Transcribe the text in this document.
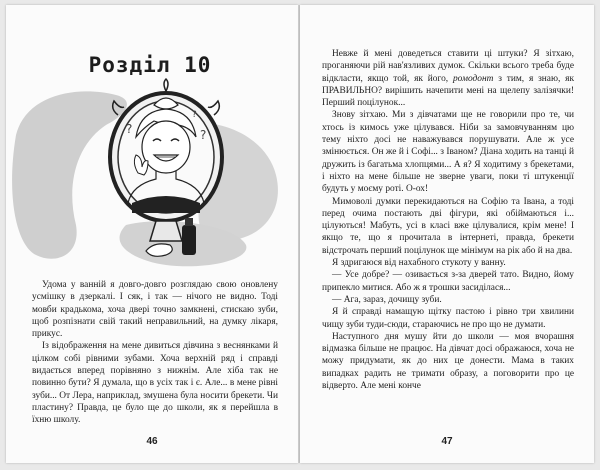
Розділ 10
?	?
?

Удома у ванній я довго-довго розглядаю свою оновлену усмішку в дзеркалі. І cяк, і так — нічого не видно. Тоді мовби крадькома, хоча двері точно замкнені, стискаю зуби, щоб розпізнати свій такий неправильний, на думку лікаря, прикус.

Із відображення на мене дивиться дівчина з веснянками й цілком собі рівними зубами. Хоча верхній ряд і справді видається вперед порівняно з нижнім. Але хіба так не повинно бути? Я думала, що в усіх так і є. Але... в мене рівні зуби... От Лера, наприклад, змушена була носити брекети. Чи пластину? Правда, це було ще до школи, як я перейшла в їхню школу.

46

Невже й мені доведеться ставити ці штуки? Я зітхаю, проганяючи рій нав'язливих думок. Скільки всього треба буде відкласти, якщо той, як його, ромодонт з тим, я знаю, як ПРАВИЛЬНО? вирішить начепити мені на щелепу залізячки! Перший поцілунок...

Знову зітхаю. Ми з дівчатами ще не говорили про те, чи хтось із кимось уже цілувався. Ніби за замовчуванням цю тему ніхто досі не наважувався порушувати. Але ж усе змінюється. Он же й і Софі... з Іваном? Діана ходить на танці й дружить із багатьма хлопцями... А я? Я ходитиму з брекетами, і ніхто на мене більше не зверне уваги, поки ті штукенції будуть у моєму роті. О-ох!

Мимоволі думки перекидаються на Софію та Івана, а тоді перед очима постають дві фігури, які обіймаються і... цілуються! Мабуть, усі в класі вже цілувалися, крім мене! І якщо те, що я прочитала в інтернеті, правда, брекети відстрочать перший поцілунок ще мінімум на рік або й на два.

Я здригаюся від нахабного стукоту у ванну.

— Усе добре? — озивається з-за дверей тато. Видно, йому припекло митися. Або ж я трошки засиділася...

— Ага, зараз, дочищу зуби.

Я й справді намащую щітку пастою і рівно три хвилини чищу зуби туди-сюди, стараючись не про що не думати.

Наступного дня мушу йти до школи — моя вчорашня відмазка більше не працює. На дівчат досі ображаюся, хоча не можу придумати, як до них це донести. Мама в таких випадках радить не тримати образу, а поговорити про це відверто. Але мені конче

47
